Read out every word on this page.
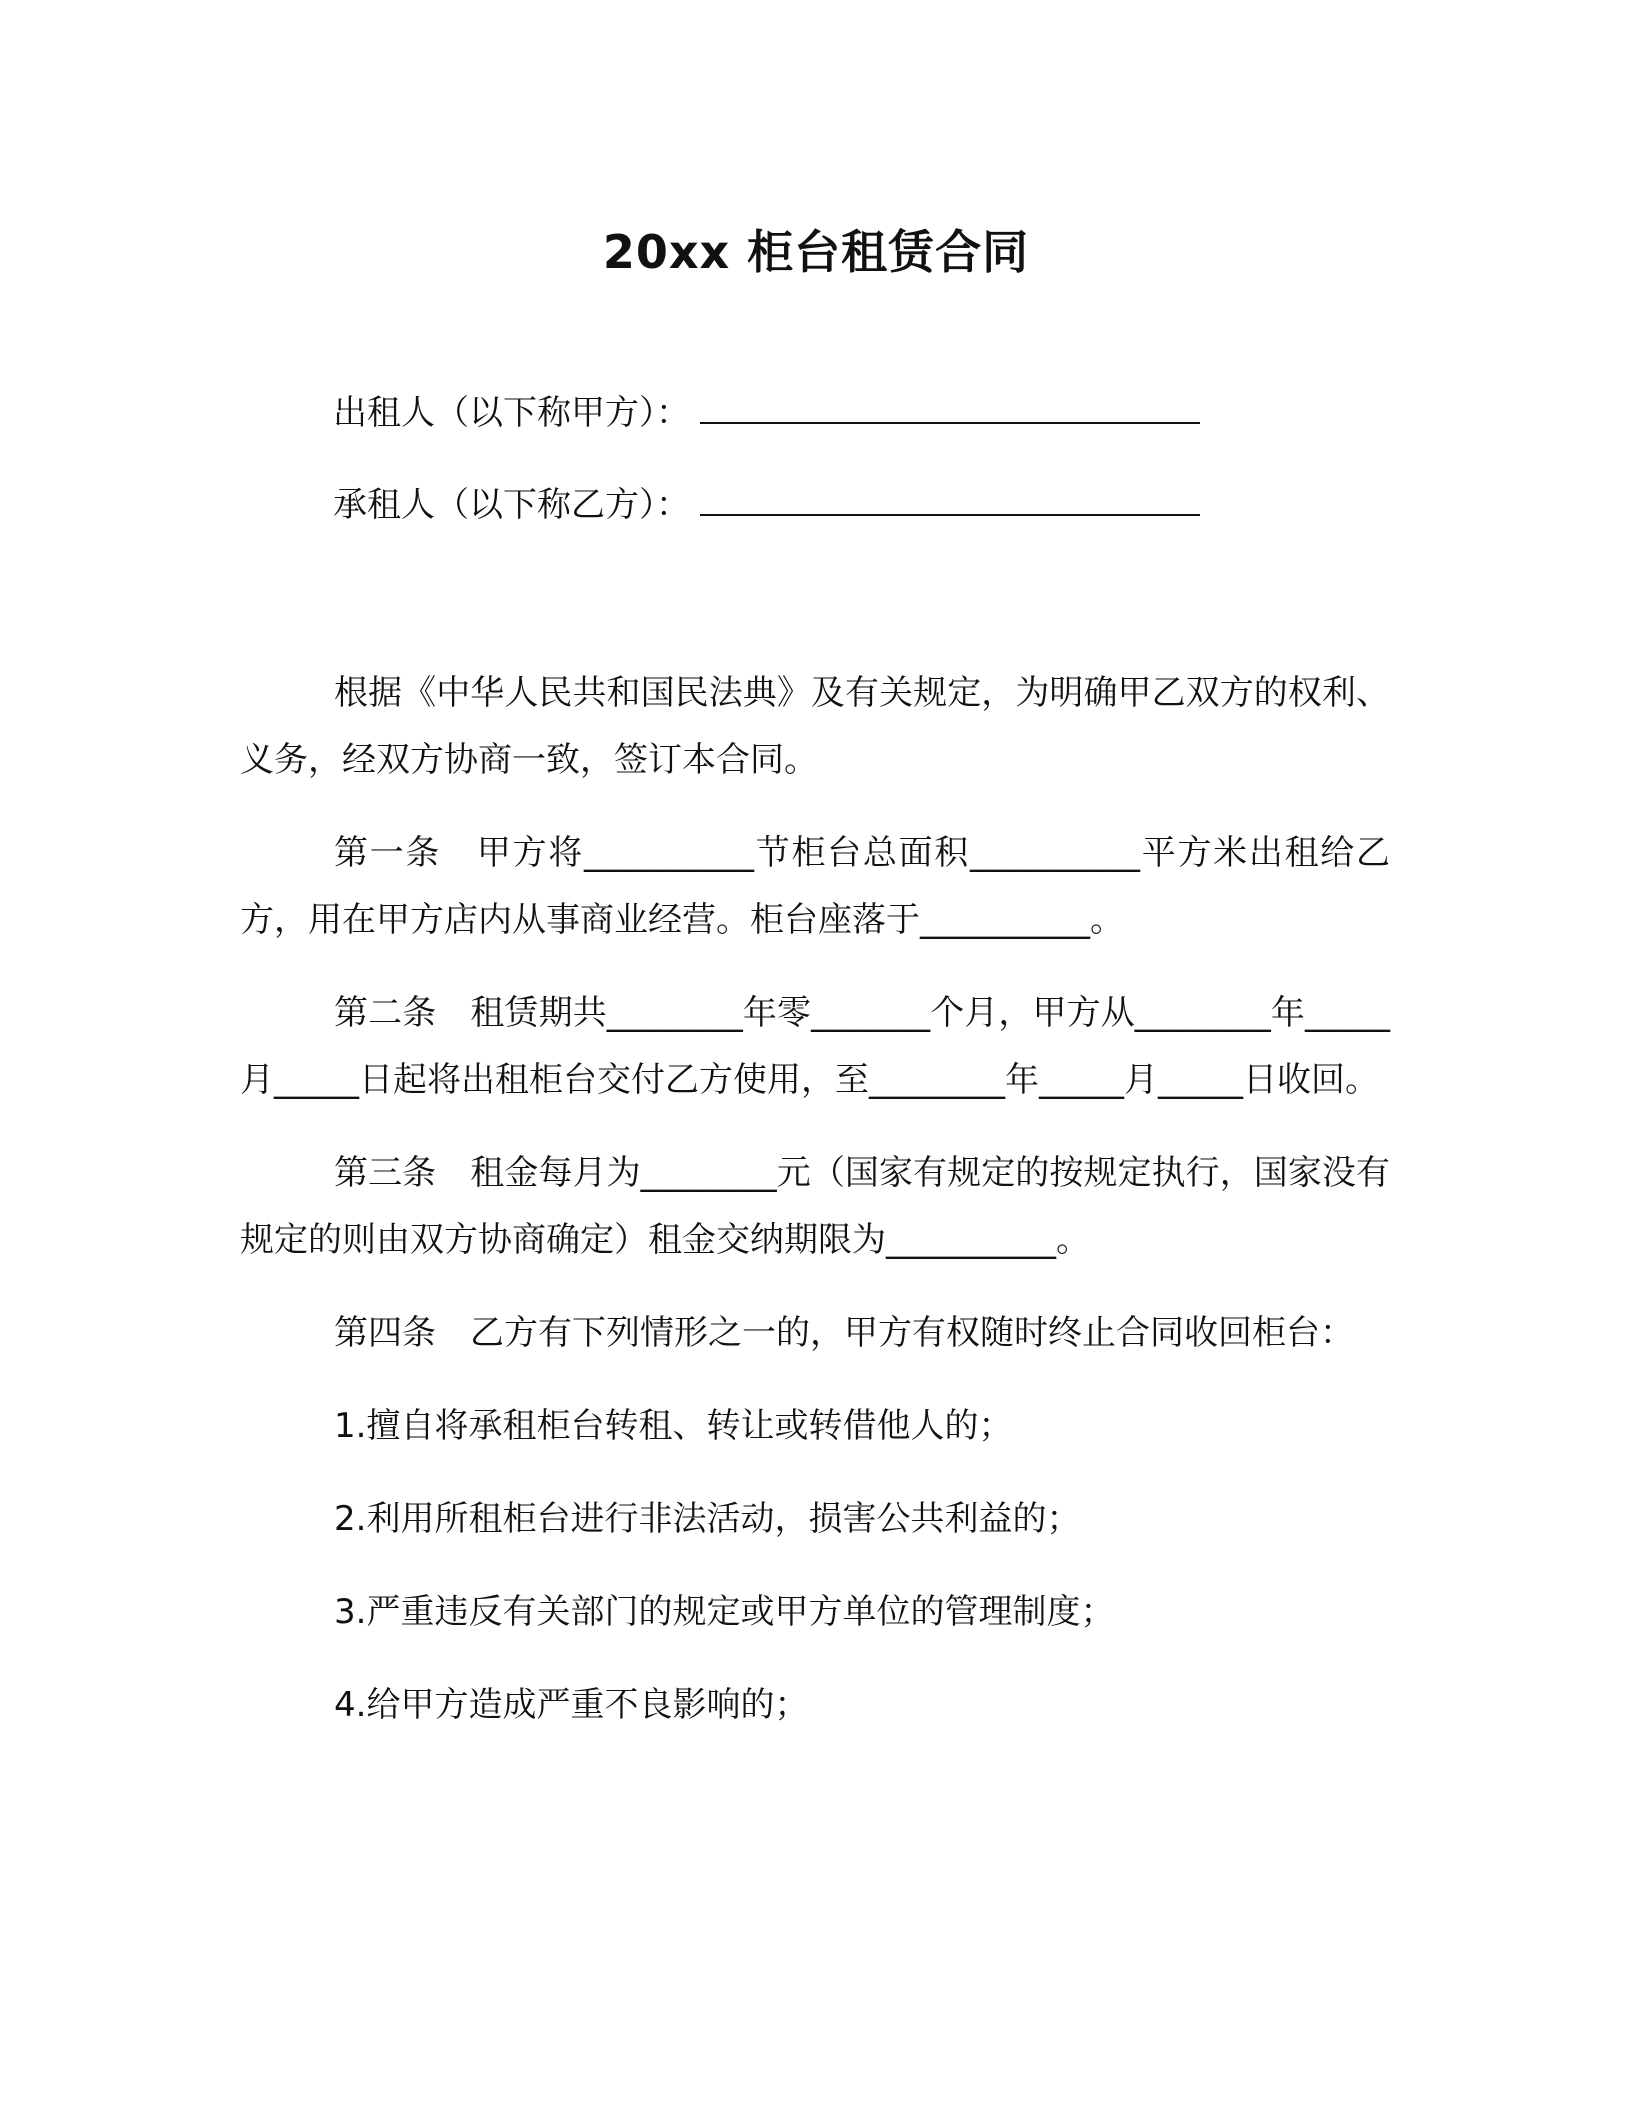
20xx 柜台租赁合同
出租人（以下称甲方）：
承租人（以下称乙方）：

根据《中华人民共和国民法典》及有关规定，为明确甲乙双方的权利、义务，经双方协商一致，签订本合同。

第一条 甲方将__________节柜台总面积__________平方米出租给乙方，用在甲方店内从事商业经营。柜台座落于__________。

第二条 租赁期共________年零_______个月，甲方从________年_____月_____日起将出租柜台交付乙方使用，至________年_____月_____日收回。

第三条 租金每月为________元（国家有规定的按规定执行，国家没有规定的则由双方协商确定）租金交纳期限为__________。

第四条 乙方有下列情形之一的，甲方有权随时终止合同收回柜台：

1.擅自将承租柜台转租、转让或转借他人的；

2.利用所租柜台进行非法活动，损害公共利益的；

3.严重违反有关部门的规定或甲方单位的管理制度；

4.给甲方造成严重不良影响的；
